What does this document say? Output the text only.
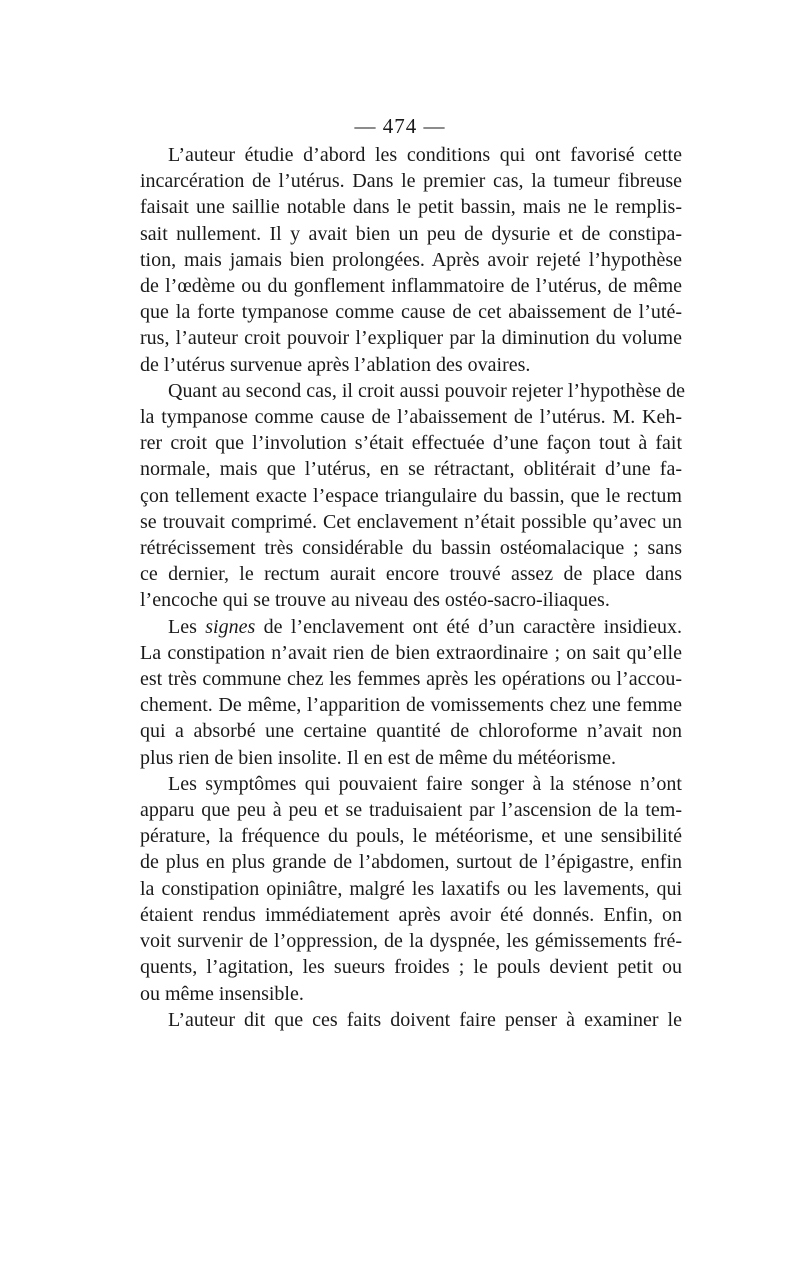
— 474 —
L’auteur étudie d’abord les conditions qui ont favorisé cette
incarcération de l’utérus. Dans le premier cas, la tumeur fibreuse
faisait une saillie notable dans le petit bassin, mais ne le remplis-
sait nullement. Il y avait bien un peu de dysurie et de constipa-
tion, mais jamais bien prolongées. Après avoir rejeté l’hypothèse
de l’œdème ou du gonflement inflammatoire de l’utérus, de même
que la forte tympanose comme cause de cet abaissement de l’uté-
rus, l’auteur croit pouvoir l’expliquer par la diminution du volume
de l’utérus survenue après l’ablation des ovaires.
Quant au second cas, il croit aussi pouvoir rejeter l’hypothèse de
la tympanose comme cause de l’abaissement de l’utérus. M. Keh-
rer croit que l’involution s’était effectuée d’une façon tout à fait
normale, mais que l’utérus, en se rétractant, oblitérait d’une fa-
çon tellement exacte l’espace triangulaire du bassin, que le rectum
se trouvait comprimé. Cet enclavement n’était possible qu’avec un
rétrécissement très considérable du bassin ostéomalacique ; sans
ce dernier, le rectum aurait encore trouvé assez de place dans
l’encoche qui se trouve au niveau des ostéo-sacro-iliaques.
Les signes de l’enclavement ont été d’un caractère insidieux.
La constipation n’avait rien de bien extraordinaire ; on sait qu’elle
est très commune chez les femmes après les opérations ou l’accou-
chement. De même, l’apparition de vomissements chez une femme
qui a absorbé une certaine quantité de chloroforme n’avait non
plus rien de bien insolite. Il en est de même du météorisme.
Les symptômes qui pouvaient faire songer à la sténose n’ont
apparu que peu à peu et se traduisaient par l’ascension de la tem-
pérature, la fréquence du pouls, le météorisme, et une sensibilité
de plus en plus grande de l’abdomen, surtout de l’épigastre, enfin
la constipation opiniâtre, malgré les laxatifs ou les lavements, qui
étaient rendus immédiatement après avoir été donnés. Enfin, on
voit survenir de l’oppression, de la dyspnée, les gémissements fré-
quents, l’agitation, les sueurs froides ; le pouls devient petit ou
ou même insensible.
L’auteur dit que ces faits doivent faire penser à examiner le
